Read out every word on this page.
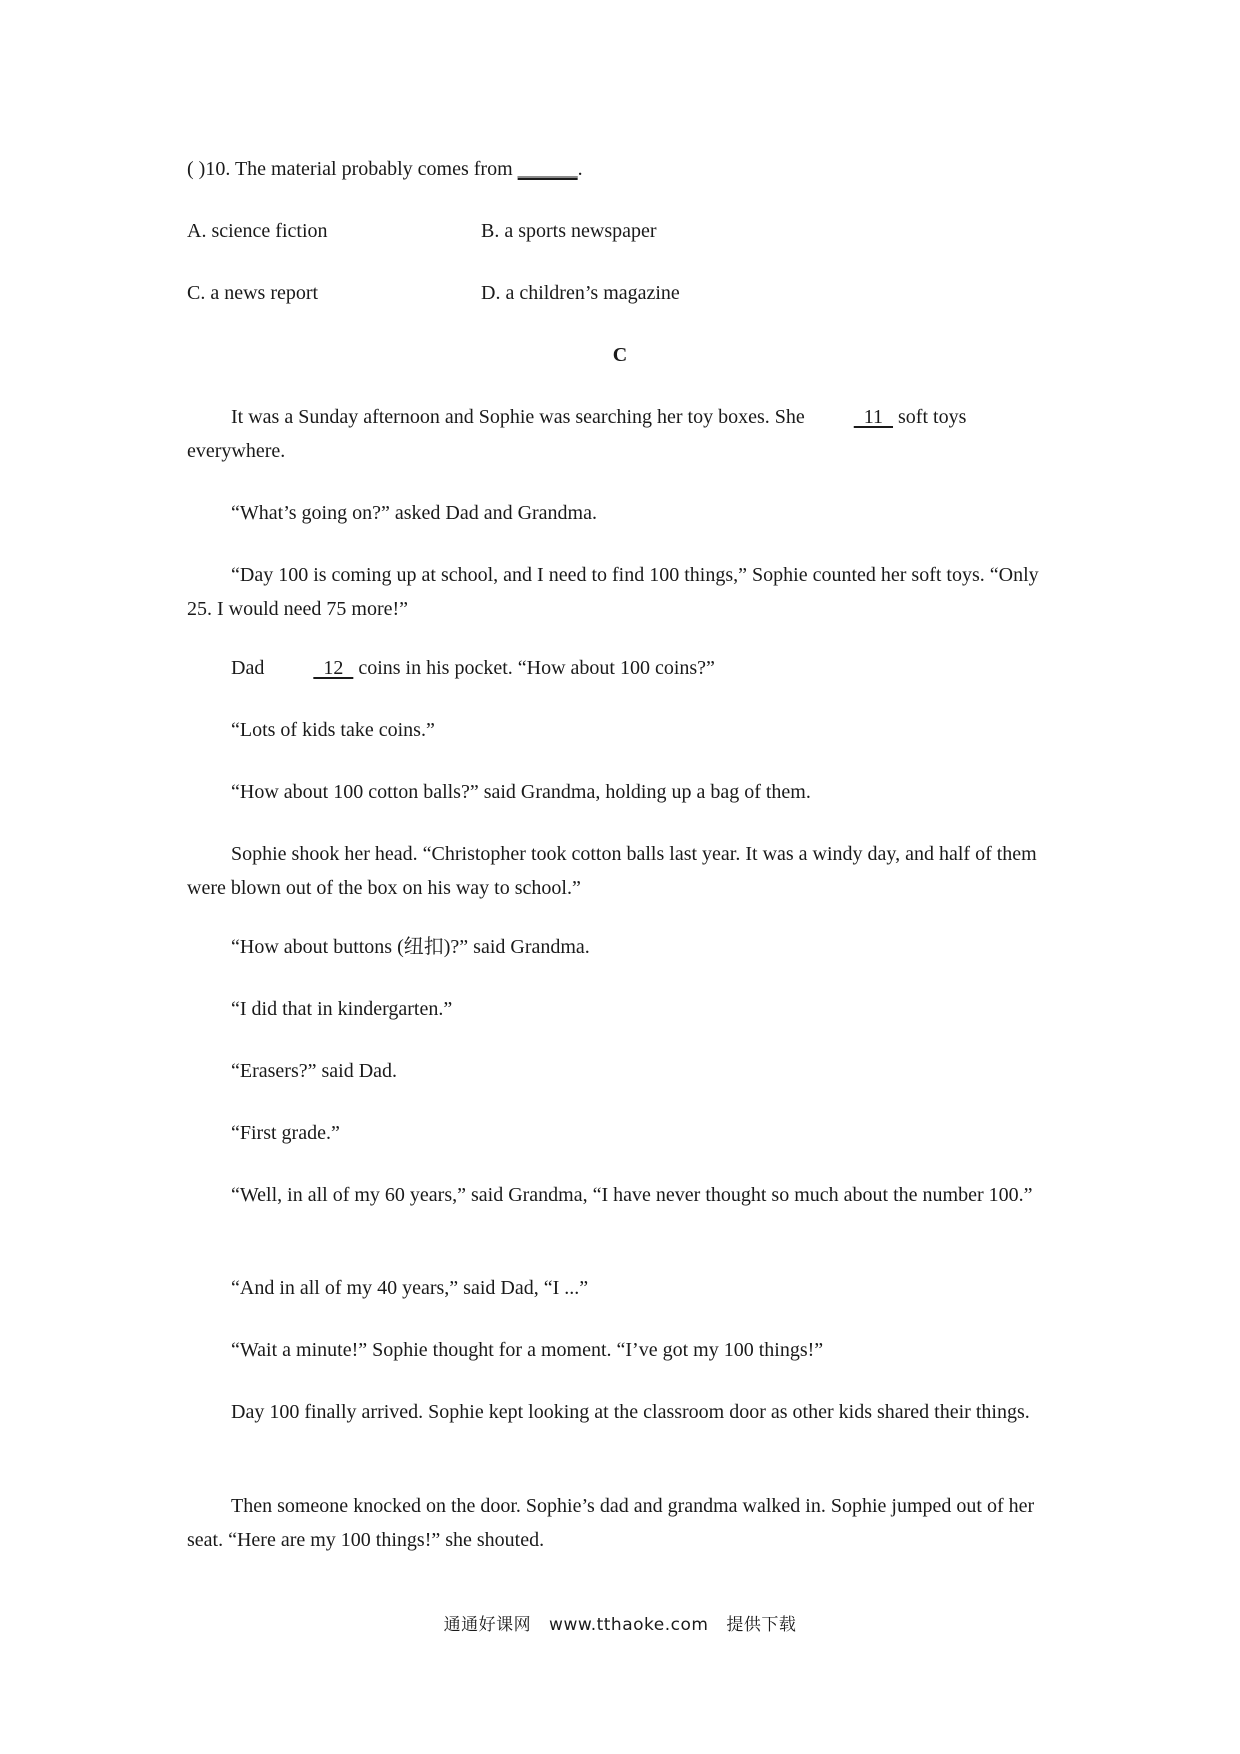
( )10. The material probably comes from ______.
A. science fiction	B. a sports newspaper
C. a news report	D. a children’s magazine
C
It was a Sunday afternoon and Sophie was searching her toy boxes. She   11   soft toys everywhere.
“What’s going on?” asked Dad and Grandma.
“Day 100 is coming up at school, and I need to find 100 things,” Sophie counted her soft toys. “Only 25. I would need 75 more!”
Dad   12   coins in his pocket. “How about 100 coins?”
“Lots of kids take coins.”
“How about 100 cotton balls?” said Grandma, holding up a bag of them.
Sophie shook her head. “Christopher took cotton balls last year. It was a windy day, and half of them were blown out of the box on his way to school.”
“How about buttons (纽扣)?” said Grandma.
“I did that in kindergarten.”
“Erasers?” said Dad.
“First grade.”
“Well, in all of my 60 years,” said Grandma, “I have never thought so much about the number 100.”
“And in all of my 40 years,” said Dad, “I ...”
“Wait a minute!” Sophie thought for a moment. “I’ve got my 100 things!”
Day 100 finally arrived. Sophie kept looking at the classroom door as other kids shared their things.
Then someone knocked on the door. Sophie’s dad and grandma walked in. Sophie jumped out of her seat. “Here are my 100 things!” she shouted.
通通好课网 www.tthaoke.com 提供下载
